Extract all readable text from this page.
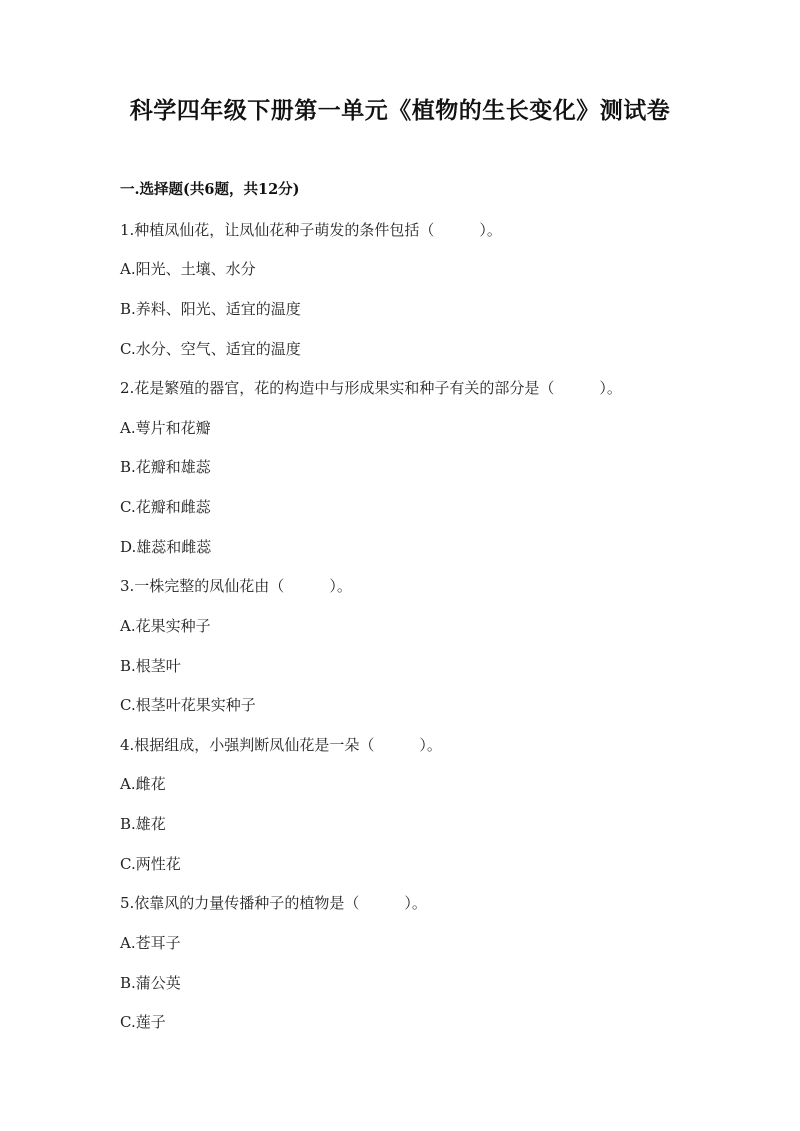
科学四年级下册第一单元《植物的生长变化》测试卷
一.选择题(共6题，共12分)
1.种植凤仙花，让凤仙花种子萌发的条件包括（　　　）。
A.阳光、土壤、水分
B.养料、阳光、适宜的温度
C.水分、空气、适宜的温度
2.花是繁殖的器官，花的构造中与形成果实和种子有关的部分是（　　　）。
A.萼片和花瓣
B.花瓣和雄蕊
C.花瓣和雌蕊
D.雄蕊和雌蕊
3.一株完整的凤仙花由（　　　）。
A.花果实种子
B.根茎叶
C.根茎叶花果实种子
4.根据组成，小强判断凤仙花是一朵（　　　）。
A.雌花
B.雄花
C.两性花
5.依靠风的力量传播种子的植物是（　　　）。
A.苍耳子
B.蒲公英
C.莲子
